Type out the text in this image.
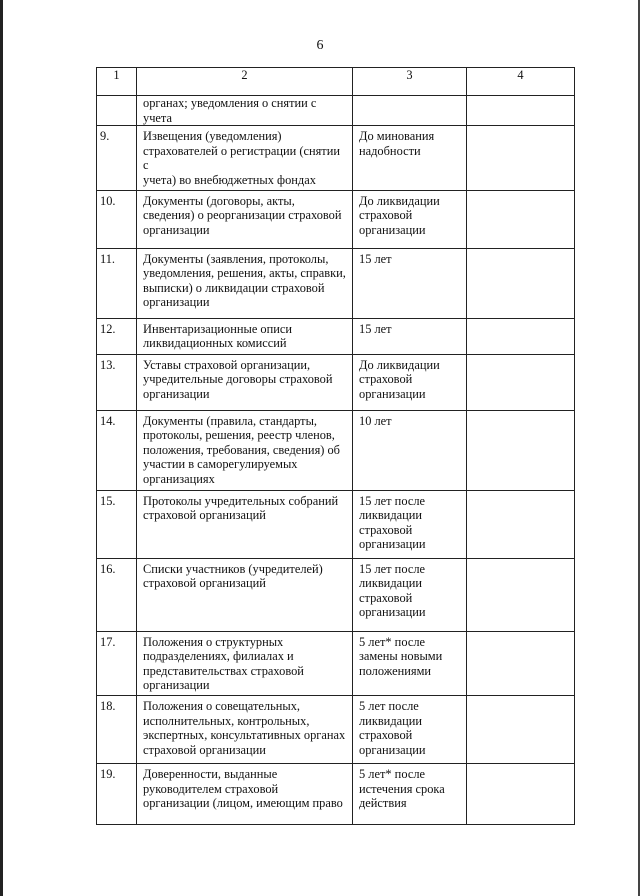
6
1	2	3	4

	органах; уведомления о снятии с учета		

9.	Извещения (уведомления)
страхователей о регистрации (снятии с
учета) во внебюджетных фондах	До минования
надобности	

10.	Документы (договоры, акты,
сведения) о реорганизации страховой
организации	До ликвидации
страховой
организации	

11.	Документы (заявления, протоколы,
уведомления, решения, акты, справки,
выписки) о ликвидации страховой
организации	15 лет	

12.	Инвентаризационные описи
ликвидационных комиссий	15 лет	

13.	Уставы страховой организации,
учредительные договоры страховой
организации	До ликвидации
страховой
организации	

14.	Документы (правила, стандарты,
протоколы, решения, реестр членов,
положения, требования, сведения) об
участии в саморегулируемых
организациях	10 лет	

15.	Протоколы учредительных собраний
страховой организаций	15 лет после
ликвидации
страховой
организации	

16.	Списки участников (учредителей)
страховой организаций	15 лет после
ликвидации
страховой
организации	

17.	Положения о структурных
подразделениях, филиалах и
представительствах страховой
организации	5 лет* после
замены новыми
положениями	

18.	Положения о совещательных,
исполнительных, контрольных,
экспертных, консультативных органах
страховой организации	5 лет после
ликвидации
страховой
организации	

19.	Доверенности, выданные
руководителем страховой
организации (лицом, имеющим право	5 лет* после
истечения срока
действия	
